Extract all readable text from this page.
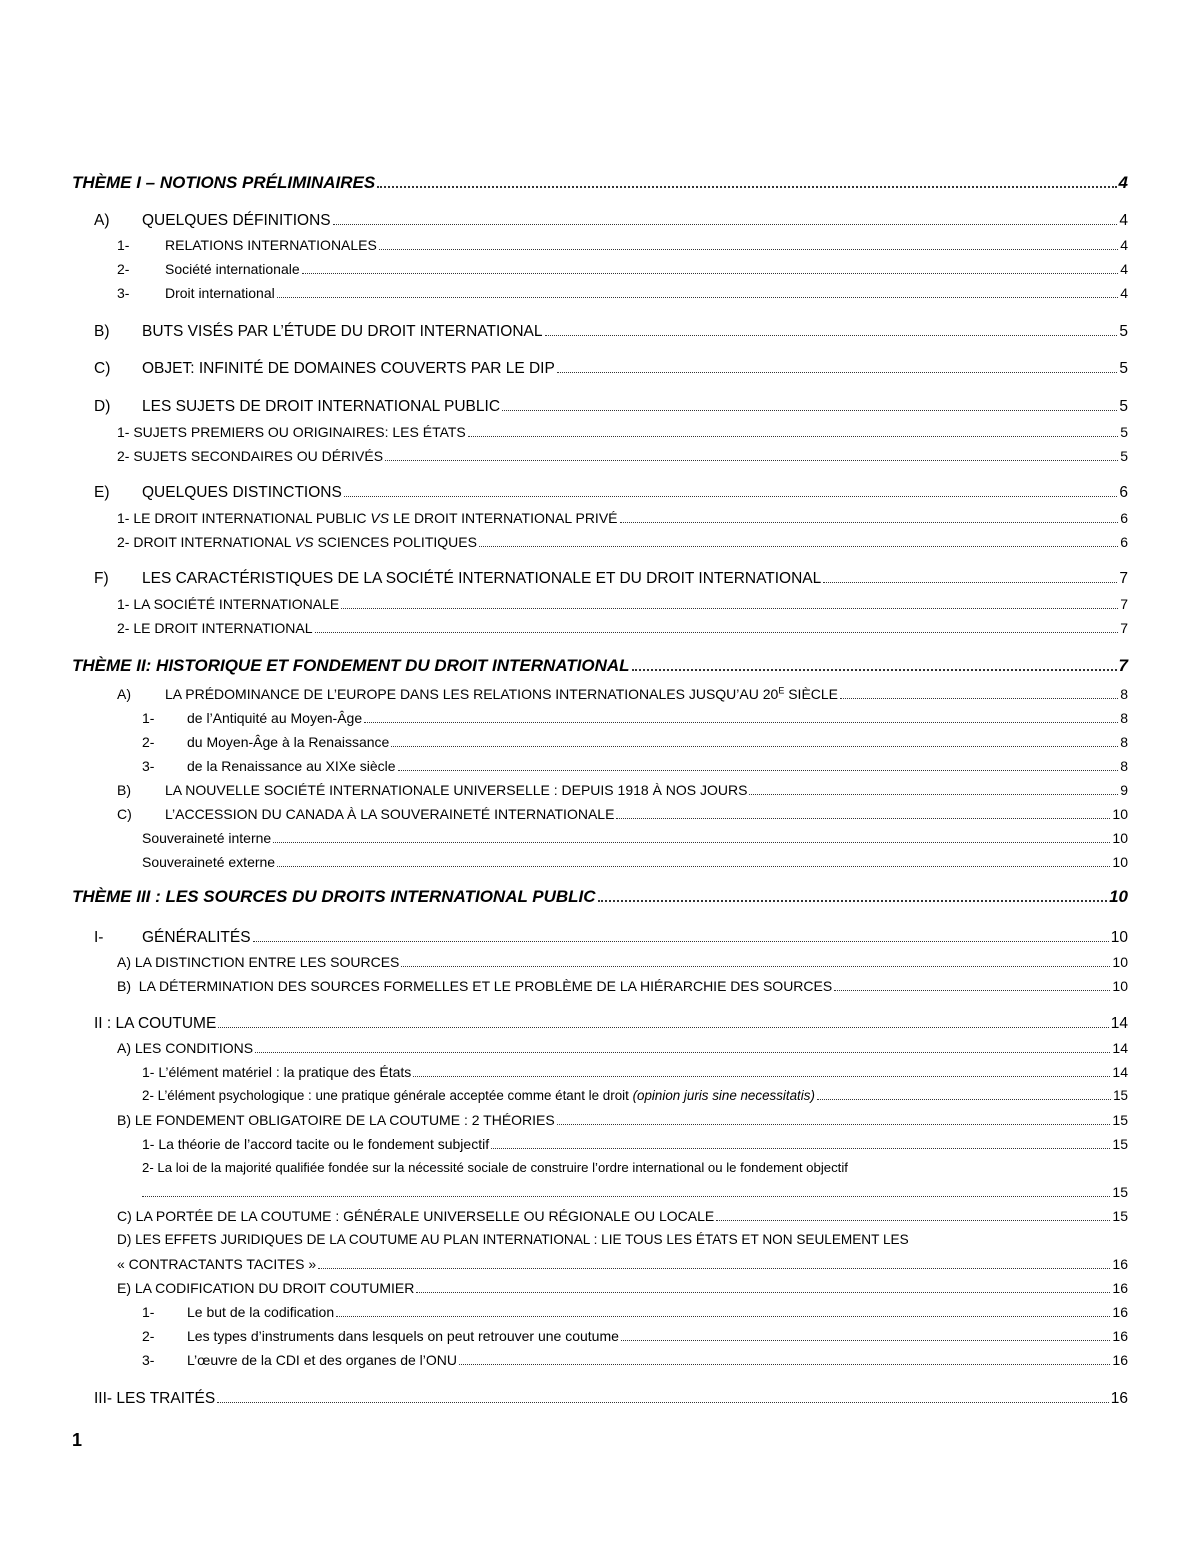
THÈME I – NOTIONS PRÉLIMINAIRES	4
A)	QUELQUES DÉFINITIONS	4
1-	RELATIONS INTERNATIONALES	4
2-	Société internationale	4
3-	Droit international	4
B)	BUTS VISÉS PAR L’ÉTUDE DU DROIT INTERNATIONAL	5
C)	OBJET: INFINITÉ DE DOMAINES COUVERTS PAR LE DIP	5
D)	LES SUJETS DE DROIT INTERNATIONAL PUBLIC	5
1- SUJETS PREMIERS OU ORIGINAIRES: LES ÉTATS	5
2- SUJETS SECONDAIRES OU DÉRIVÉS	5
E)	QUELQUES DISTINCTIONS	6
1- LE DROIT INTERNATIONAL PUBLIC VS LE DROIT INTERNATIONAL PRIVÉ	6
2- DROIT INTERNATIONAL VS SCIENCES POLITIQUES	6
F)	LES CARACTÉRISTIQUES DE LA SOCIÉTÉ INTERNATIONALE ET DU DROIT INTERNATIONAL	7
1- LA SOCIÉTÉ INTERNATIONALE	7
2- LE DROIT INTERNATIONAL	7
THÈME II: HISTORIQUE ET FONDEMENT DU DROIT INTERNATIONAL	7
A)	LA PRÉDOMINANCE DE L’EUROPE DANS LES RELATIONS INTERNATIONALES JUSQU’AU $20^E$ SIÈCLE	8
1-	de l’Antiquité au Moyen-Âge	8
2-	du Moyen-Âge à la Renaissance	8
3-	de la Renaissance au XIXe siècle	8
B)	LA NOUVELLE SOCIÉTÉ INTERNATIONALE UNIVERSELLE : DEPUIS 1918 À NOS JOURS	9
C)	L’ACCESSION DU CANADA À LA SOUVERAINETÉ INTERNATIONALE	10
Souveraineté interne	10
Souveraineté externe	10
THÈME III : LES SOURCES DU DROITS INTERNATIONAL PUBLIC	10
I-	GÉNÉRALITÉS	10
A) LA DISTINCTION ENTRE LES SOURCES	10
B)  LA DÉTERMINATION DES SOURCES FORMELLES ET LE PROBLÈME DE LA HIÉRARCHIE DES SOURCES	10
II : LA COUTUME	14
A) LES CONDITIONS	14
1- L’élément matériel : la pratique des États	14
2- L’élément psychologique : une pratique générale acceptée comme étant le droit (opinion juris sine necessitatis)	15
B) LE FONDEMENT OBLIGATOIRE DE LA COUTUME : 2 THÉORIES	15
1- La théorie de l’accord tacite ou le fondement subjectif	15
2- La loi de la majorité qualifiée fondée sur la nécessité sociale de construire l’ordre international ou le fondement objectif
15
C) LA PORTÉE DE LA COUTUME : GÉNÉRALE UNIVERSELLE OU RÉGIONALE OU LOCALE	15
D) LES EFFETS JURIDIQUES DE LA COUTUME AU PLAN INTERNATIONAL : LIE TOUS LES ÉTATS ET NON SEULEMENT LES
« CONTRACTANTS TACITES »	16
E) LA CODIFICATION DU DROIT COUTUMIER	16
1-	Le but de la codification	16
2-	Les types d’instruments dans lesquels on peut retrouver une coutume	16
3-	L’œuvre de la CDI et des organes de l’ONU	16
III- LES TRAITÉS	16
1
